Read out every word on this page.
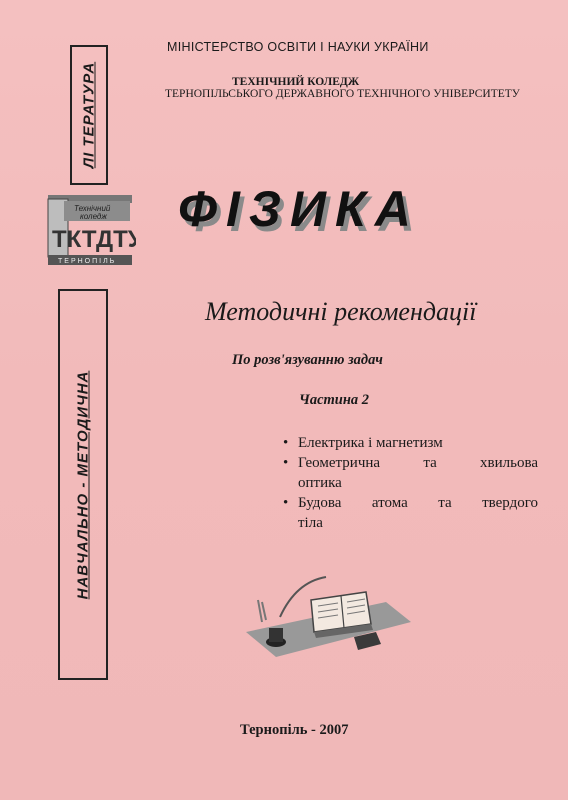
ЛІ ТЕРАТУРА
Технічний
коледж
ТКТДТУ
ТЕРНОПІЛЬ
НАВЧАЛЬНО - МЕТОДИЧНА
МІНІСТЕРСТВО ОСВІТИ І НАУКИ УКРАЇНИ
ТЕХНІЧНИЙ КОЛЕДЖ
ТЕРНОПІЛЬСЬКОГО ДЕРЖАВНОГО ТЕХНІЧНОГО УНІВЕРСИТЕТУ
ФІЗИКА
Методичні рекомендації
По розв'язуванню задач
Частина 2
• Електрика і магнетизм
• Геометрична та хвильова
оптика
• Будова атома та твердого
тіла
Тернопіль - 2007
